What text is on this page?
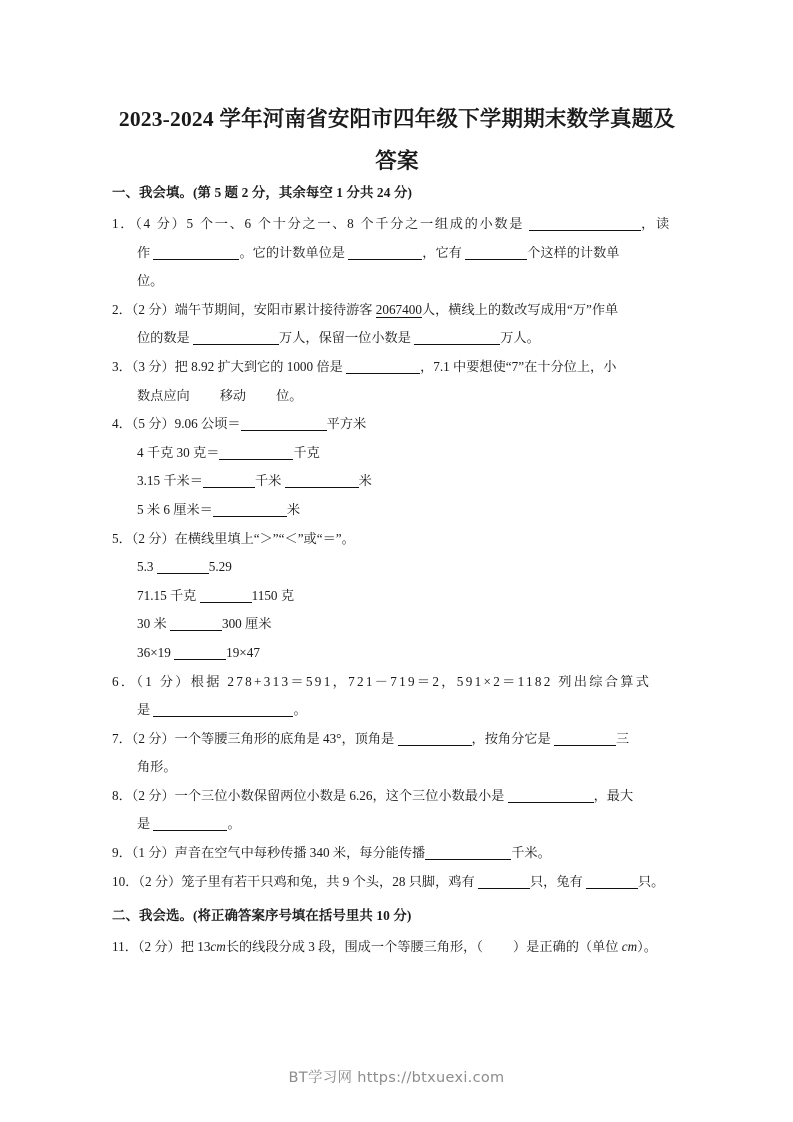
2023-2024 学年河南省安阳市四年级下学期期末数学真题及
答案
一、我会填。(第 5 题 2 分，其余每空 1 分共 24 分)
1．（4 分）5 个一、6 个十分之一、8 个千分之一组成的小数是	，读
作	。它的计数单位是	，它有	个这样的计数单
位。
2．（2 分）端午节期间，安阳市累计接待游客 2067400人，横线上的数改写成用“万”作单
位的数是	万人，保留一位小数是	万人。
3．（3 分）把 8.92 扩大到它的 1000 倍是	，7.1 中要想使“7”在十分位上，小
数点应向 移动 位。
4．（5 分）9.06 公顷＝	平方米
4 千克 30 克＝	千克
3.15 千米＝	千米	米
5 米 6 厘米＝	米
5．（2 分）在横线里填上“＞”“＜”或“＝”。
5.3	5.29
71.15 千克	1150 克
30 米	300 厘米
36×19	19×47
6．（1 分）根据 278+313＝591，721－719＝2，591×2＝1182 列出综合算式
是	。
7．（2 分）一个等腰三角形的底角是 43°，顶角是	，按角分它是	三
角形。
8．（2 分）一个三位小数保留两位小数是 6.26，这个三位小数最小是	，最大
是	。
9．（1 分）声音在空气中每秒传播 340 米，每分能传播	千米。
10．（2 分）笼子里有若干只鸡和兔，共 9 个头，28 只脚，鸡有	只，兔有	只。
二、我会选。(将正确答案序号填在括号里共 10 分)
11．（2 分）把 13cm长的线段分成 3 段，围成一个等腰三角形，（ ）是正确的（单位 cm）。
BT学习网 https://btxuexi.com
